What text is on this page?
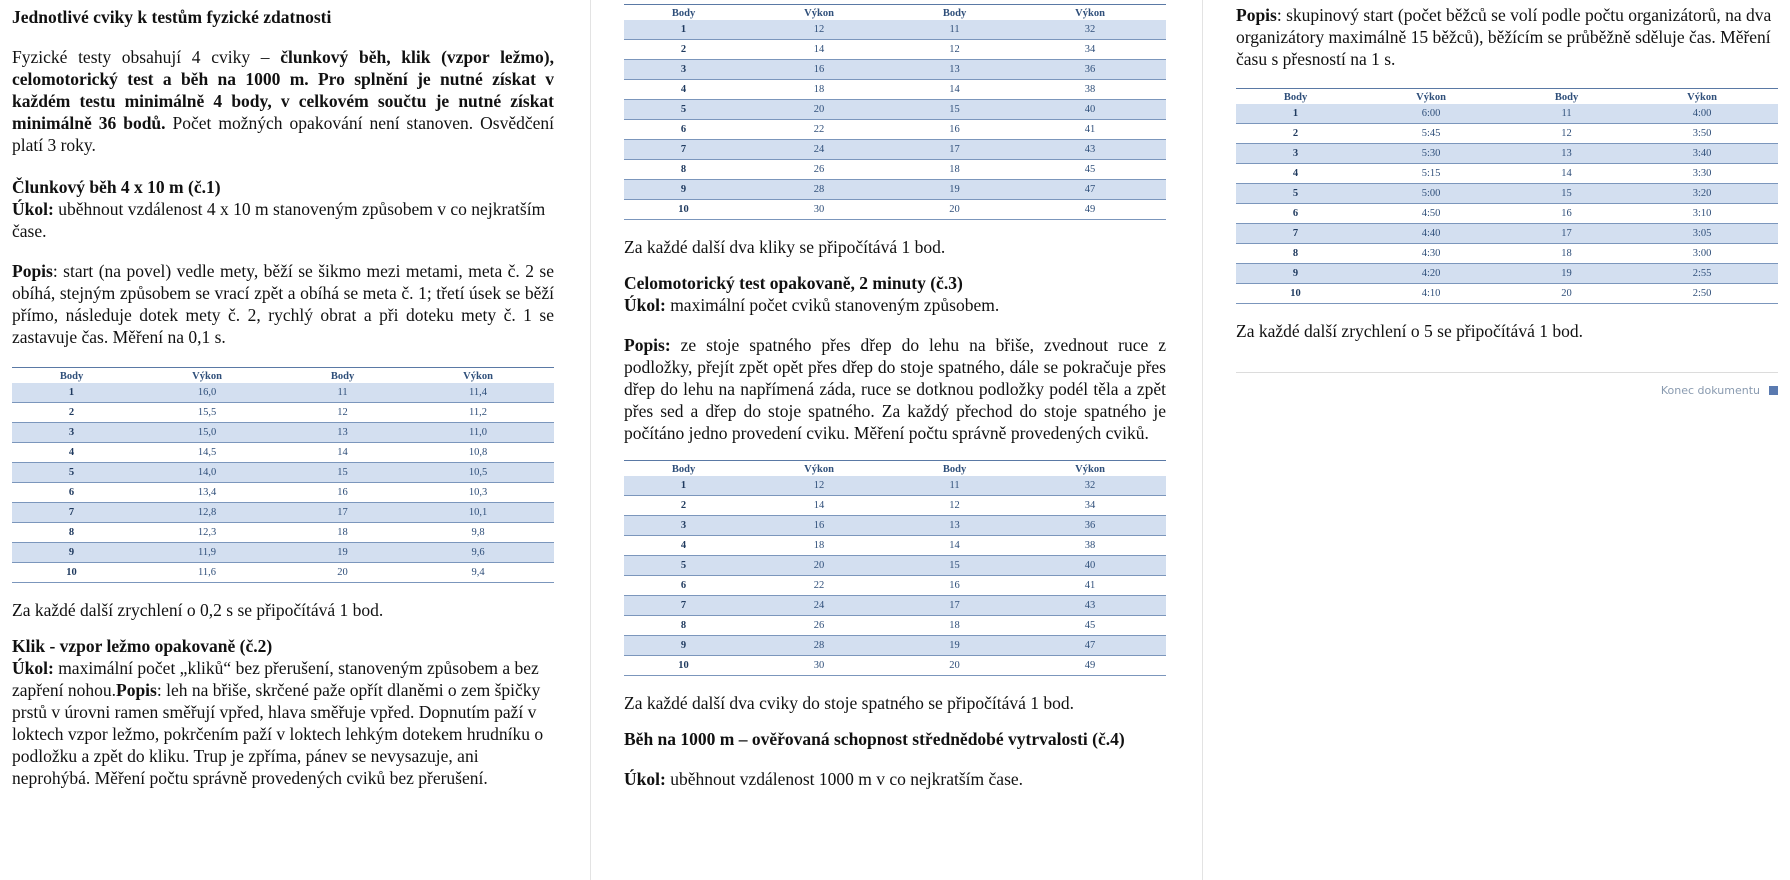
Jednotlivé cviky k testům fyzické zdatnosti

Fyzické testy obsahují 4 cviky – člunkový běh, klik (vzpor ležmo), celomotorický test a běh na 1000 m. Pro splnění je nutné získat v každém testu minimálně 4 body, v celkovém součtu je nutné získat minimálně 36 bodů. Počet možných opakování není stanoven. Osvědčení platí 3 roky.

Člunkový běh 4 x 10 m (č.1)

Úkol: uběhnout vzdálenost 4 x 10 m stanoveným způsobem v co nejkratším čase.

Popis: start (na povel) vedle mety, běží se šikmo mezi metami, meta č. 2 se obíhá, stejným způsobem se vrací zpět a obíhá se meta č. 1; třetí úsek se běží přímo, následuje dotek mety č. 2, rychlý obrat a při doteku mety č. 1 se zastavuje čas. Měření na 0,1 s.

Body	Výkon	Body	Výkon
1	16,0	11	11,4
2	15,5	12	11,2
3	15,0	13	11,0
4	14,5	14	10,8
5	14,0	15	10,5
6	13,4	16	10,3
7	12,8	17	10,1
8	12,3	18	9,8
9	11,9	19	9,6
10	11,6	20	9,4

Za každé další zrychlení o 0,2 s se připočítává 1 bod.

Klik - vzpor ležmo opakovaně (č.2)

Úkol: maximální počet „kliků“ bez přerušení, stanoveným způsobem a bez zapření nohou.Popis: leh na břiše, skrčené paže opřít dlaněmi o zem špičky prstů v úrovni ramen směřují vpřed, hlava směřuje vpřed. Dopnutím paží v loktech vzpor ležmo, pokrčením paží v loktech lehkým dotekem hrudníku o podložku a zpět do kliku. Trup je zpříma, pánev se nevysazuje, ani neprohýbá. Měření počtu správně provedených cviků bez přerušení.

Body	Výkon	Body	Výkon
1	12	11	32
2	14	12	34
3	16	13	36
4	18	14	38
5	20	15	40
6	22	16	41
7	24	17	43
8	26	18	45
9	28	19	47
10	30	20	49

Za každé další dva kliky se připočítává 1 bod.

Celomotorický test opakovaně, 2 minuty (č.3)

Úkol: maximální počet cviků stanoveným způsobem.

Popis: ze stoje spatného přes dřep do lehu na břiše, zvednout ruce z podložky, přejít zpět opět přes dřep do stoje spatného, dále se pokračuje přes dřep do lehu na napřímená záda, ruce se dotknou podložky podél těla a zpět přes sed a dřep do stoje spatného. Za každý přechod do stoje spatného je počítáno jedno provedení cviku. Měření počtu správně provedených cviků.

Body	Výkon	Body	Výkon
1	12	11	32
2	14	12	34
3	16	13	36
4	18	14	38
5	20	15	40
6	22	16	41
7	24	17	43
8	26	18	45
9	28	19	47
10	30	20	49

Za každé další dva cviky do stoje spatného se připočítává 1 bod.

Běh na 1000 m – ověřovaná schopnost střednědobé vytrvalosti (č.4)

Úkol: uběhnout vzdálenost 1000 m v co nejkratším čase.

Popis: skupinový start (počet běžců se volí podle počtu organizátorů, na dva organizátory maximálně 15 běžců), běžícím se průběžně sděluje čas. Měření času s přesností na 1 s.

Body	Výkon	Body	Výkon
1	6:00	11	4:00
2	5:45	12	3:50
3	5:30	13	3:40
4	5:15	14	3:30
5	5:00	15	3:20
6	4:50	16	3:10
7	4:40	17	3:05
8	4:30	18	3:00
9	4:20	19	2:55
10	4:10	20	2:50

Za každé další zrychlení o 5 se připočítává 1 bod.

Konec dokumentu
